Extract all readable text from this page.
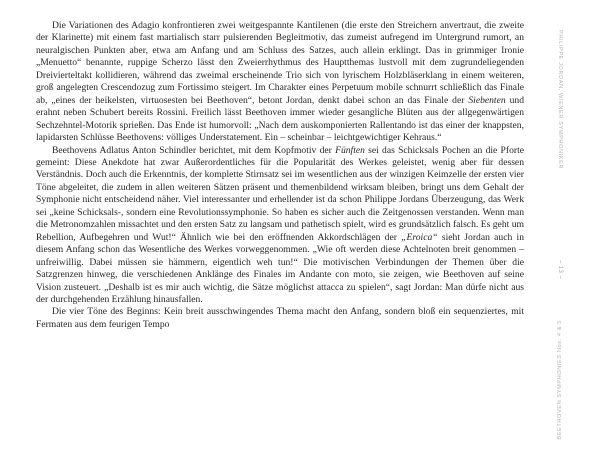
Die Variationen des Adagio konfrontieren zwei weitgespannte Kantilenen (die erste den Streichern anvertraut, die zweite der Klarinette) mit einem fast martialisch starr pulsierenden Begleitmotiv, das zumeist aufregend im Untergrund rumort, an neuralgischen Punkten aber, etwa am Anfang und am Schluss des Satzes, auch allein erklingt. Das in grimmiger Ironie „Menuetto“ benannte, ruppige Scherzo lässt den Zweierrhythmus des Hauptthemas lustvoll mit dem zugrundeliegenden Dreivierteltakt kollidieren, während das zweimal erscheinende Trio sich von lyrischem Holzbläserklang in einem weiteren, groß angelegten Crescendozug zum Fortissimo steigert. Im Charakter eines Perpetuum mobile schnurrt schließlich das Finale ab, „eines der heikelsten, virtuosesten bei Beethoven“, betont Jordan, denkt dabei schon an das Finale der Siebenten und erahnt neben Schubert bereits Rossini. Freilich lässt Beethoven immer wieder gesangliche Blüten aus der allgegenwärtigen Sechzehntel-Motorik sprießen. Das Ende ist humorvoll: „Nach dem auskomponierten Rallentando ist das einer der knappsten, lapidarsten Schlüsse Beethovens: völliges Understatement. Ein – scheinbar – leichtgewichtiger Kehraus.“

Beethovens Adlatus Anton Schindler berichtet, mit dem Kopfmotiv der Fünften sei das Schicksals Pochen an die Pforte gemeint: Diese Anekdote hat zwar Außerordentliches für die Popularität des Werkes geleistet, wenig aber für dessen Verständnis. Doch auch die Erkenntnis, der komplette Stirnsatz sei im wesentlichen aus der winzigen Keimzelle der ersten vier Töne abgeleitet, die zudem in allen weiteren Sätzen präsent und themenbildend wirksam bleiben, bringt uns dem Gehalt der Symphonie nicht entscheidend näher. Viel interessanter und erhellender ist da schon Philippe Jordans Überzeugung, das Werk sei „keine Schicksals-, sondern eine Revolutionssymphonie. So haben es sicher auch die Zeitgenossen verstanden. Wenn man die Metronomzahlen missachtet und den ersten Satz zu langsam und pathetisch spielt, wird es grundsätzlich falsch. Es geht um Rebellion, Aufbegehren und Wut!“ Ähnlich wie bei den eröffnenden Akkordschlägen der „Eroica“ sieht Jordan auch in diesem Anfang schon das Wesentliche des Werkes vorweggenommen. „Wie oft werden diese Achtelnoten breit genommen – unfreiwillig. Dabei müssen sie hämmern, eigentlich weh tun!“ Die motivischen Verbindungen der Themen über die Satzgrenzen hinweg, die verschiedenen Anklänge des Finales im Andante con moto, sie zeigen, wie Beethoven auf seine Vision zusteuert. „Deshalb ist es mir auch wichtig, die Sätze möglichst attacca zu spielen“, sagt Jordan: Man dürfe nicht aus der durchgehenden Erzählung hinausfallen.

Die vier Töne des Beginns: Kein breit ausschwingendes Thema macht den Anfang, sondern bloß ein sequenziertes, mit Fermaten aus dem feurigen Tempo

PHILIPPE JORDAN, WIENER SYMPHONIKER
– 13 –
BEETHOVEN SYMPHONIES Nos. 4 & 5
